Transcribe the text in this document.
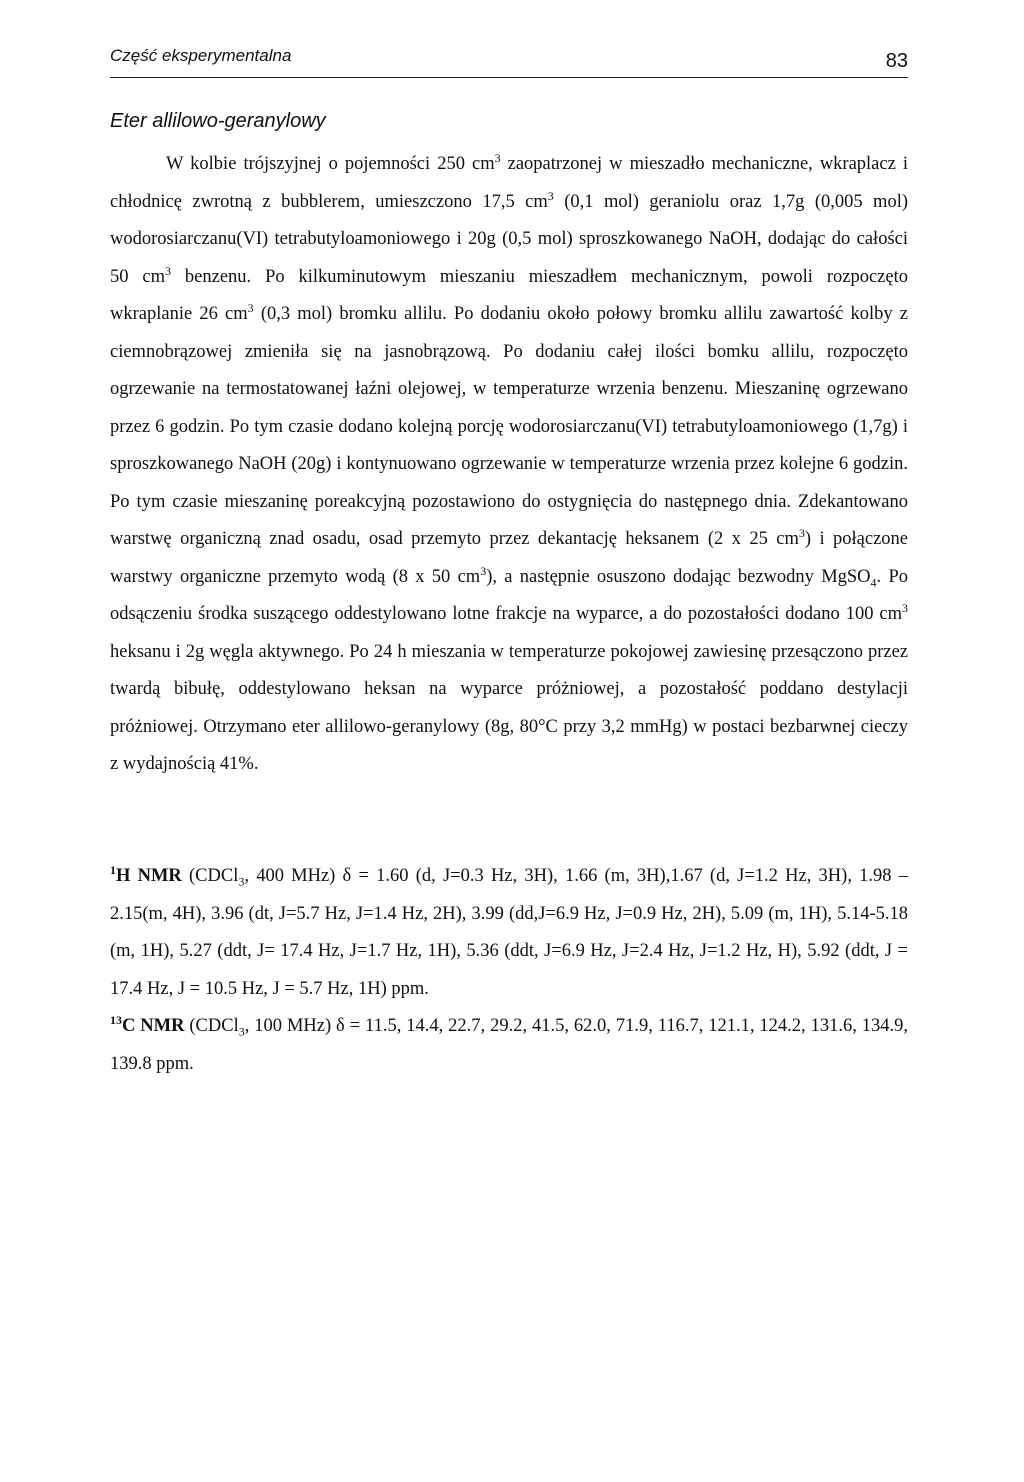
Część eksperymentalna	83
Eter allilowo-geranylowy

W kolbie trójszyjnej o pojemności 250 $cm^3$ zaopatrzonej w mieszadło mechaniczne, wkraplacz i chłodnicę zwrotną z bubblerem, umieszczono 17,5 $cm^3$ (0,1 mol) geraniolu oraz 1,7g (0,005 mol) wodorosiarczanu(VI) tetrabutyloamoniowego i 20g (0,5 mol) sproszkowanego NaOH, dodając do całości 50 $cm^3$ benzenu. Po kilkuminutowym mieszaniu mieszadłem mechanicznym, powoli rozpoczęto wkraplanie 26 $cm^3$ (0,3 mol) bromku allilu. Po dodaniu około połowy bromku allilu zawartość kolby z ciemnobrązowej zmieniła się na jasnobrązową. Po dodaniu całej ilości bomku allilu, rozpoczęto ogrzewanie na termostatowanej łaźni olejowej, w temperaturze wrzenia benzenu. Mieszaninę ogrzewano przez 6 godzin. Po tym czasie dodano kolejną porcję wodorosiarczanu(VI) tetrabutyloamoniowego (1,7g) i sproszkowanego NaOH (20g) i kontynuowano ogrzewanie w temperaturze wrzenia przez kolejne 6 godzin. Po tym czasie mieszaninę poreakcyjną pozostawiono do ostygnięcia do następnego dnia. Zdekantowano warstwę organiczną znad osadu, osad przemyto przez dekantację heksanem (2 x 25 $cm^3$) i połączone warstwy organiczne przemyto wodą (8 x 50 $cm^3$), a następnie osuszono dodając bezwodny MgSO$_4$. Po odsączeniu środka suszącego oddestylowano lotne frakcje na wyparce, a do pozostałości dodano 100 $cm^3$ heksanu i 2g węgla aktywnego. Po 24 h mieszania w temperaturze pokojowej zawiesinę przesączono przez twardą bibułę, oddestylowano heksan na wyparce próżniowej, a pozostałość poddano destylacji próżniowej. Otrzymano eter allilowo-geranylowy (8g, 80°C przy 3,2 mmHg) w postaci bezbarwnej cieczy z wydajnością 41%.

$^1$H NMR (CDCl$_3$, 400 MHz) δ = 1.60 (d, J=0.3 Hz, 3H), 1.66 (m, 3H),1.67 (d, J=1.2 Hz, 3H), 1.98 –2.15(m, 4H), 3.96 (dt, J=5.7 Hz, J=1.4 Hz, 2H), 3.99 (dd,J=6.9 Hz, J=0.9 Hz, 2H), 5.09 (m, 1H), 5.14-5.18 (m, 1H), 5.27 (ddt, J= 17.4 Hz, J=1.7 Hz, 1H), 5.36 (ddt, J=6.9 Hz, J=2.4 Hz, J=1.2 Hz, H), 5.92 (ddt, J = 17.4 Hz, J = 10.5 Hz, J = 5.7 Hz, 1H) ppm.

$^{13}$C NMR (CDCl$_3$, 100 MHz) δ = 11.5, 14.4, 22.7, 29.2, 41.5, 62.0, 71.9, 116.7, 121.1, 124.2, 131.6, 134.9, 139.8 ppm.
